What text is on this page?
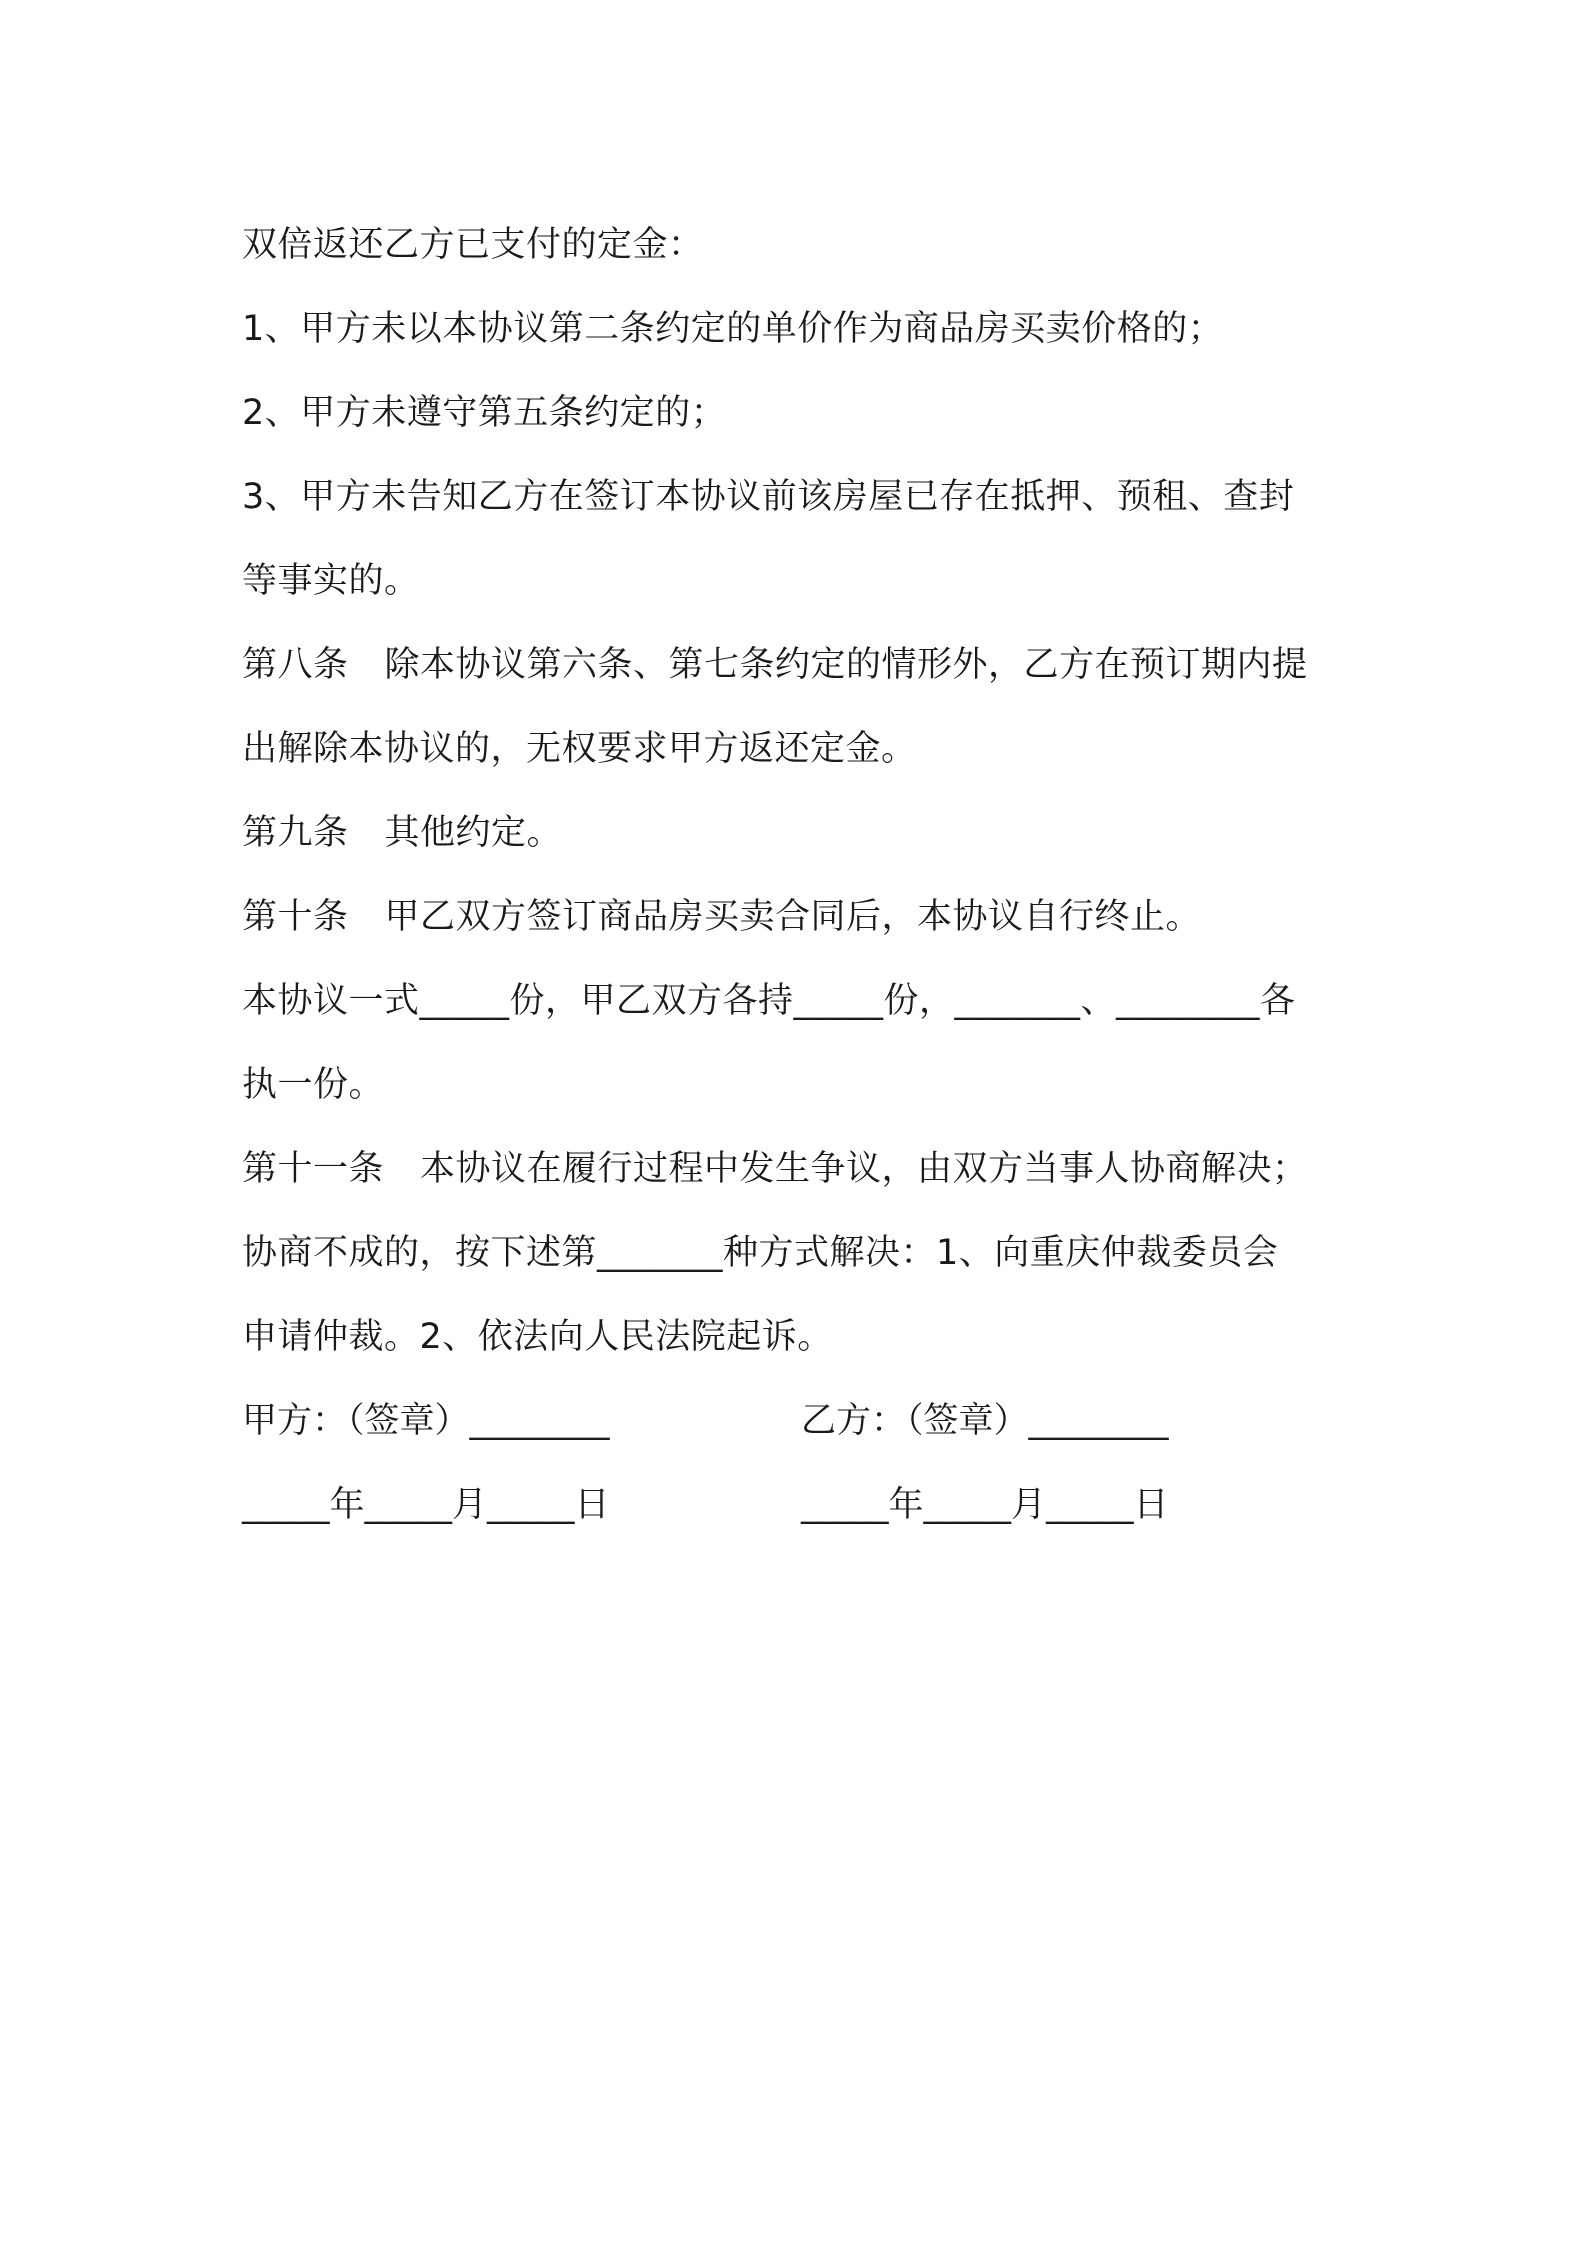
双倍返还乙方已支付的定金：
1、甲方未以本协议第二条约定的单价作为商品房买卖价格的；
2、甲方未遵守第五条约定的；
3、甲方未告知乙方在签订本协议前该房屋已存在抵押、预租、查封
等事实的。
第八条 除本协议第六条、第七条约定的情形外，乙方在预订期内提
出解除本协议的，无权要求甲方返还定金。
第九条 其他约定。
第十条 甲乙双方签订商品房买卖合同后，本协议自行终止。
本协议一式_____份，甲乙双方各持_____份，_______、________各
执一份。
第十一条 本协议在履行过程中发生争议，由双方当事人协商解决；
协商不成的，按下述第_______种方式解决：1、向重庆仲裁委员会
申请仲裁。2、依法向人民法院起诉。
甲方：（签章）________	乙方：（签章）________
_____年_____月_____日	_____年_____月_____日
